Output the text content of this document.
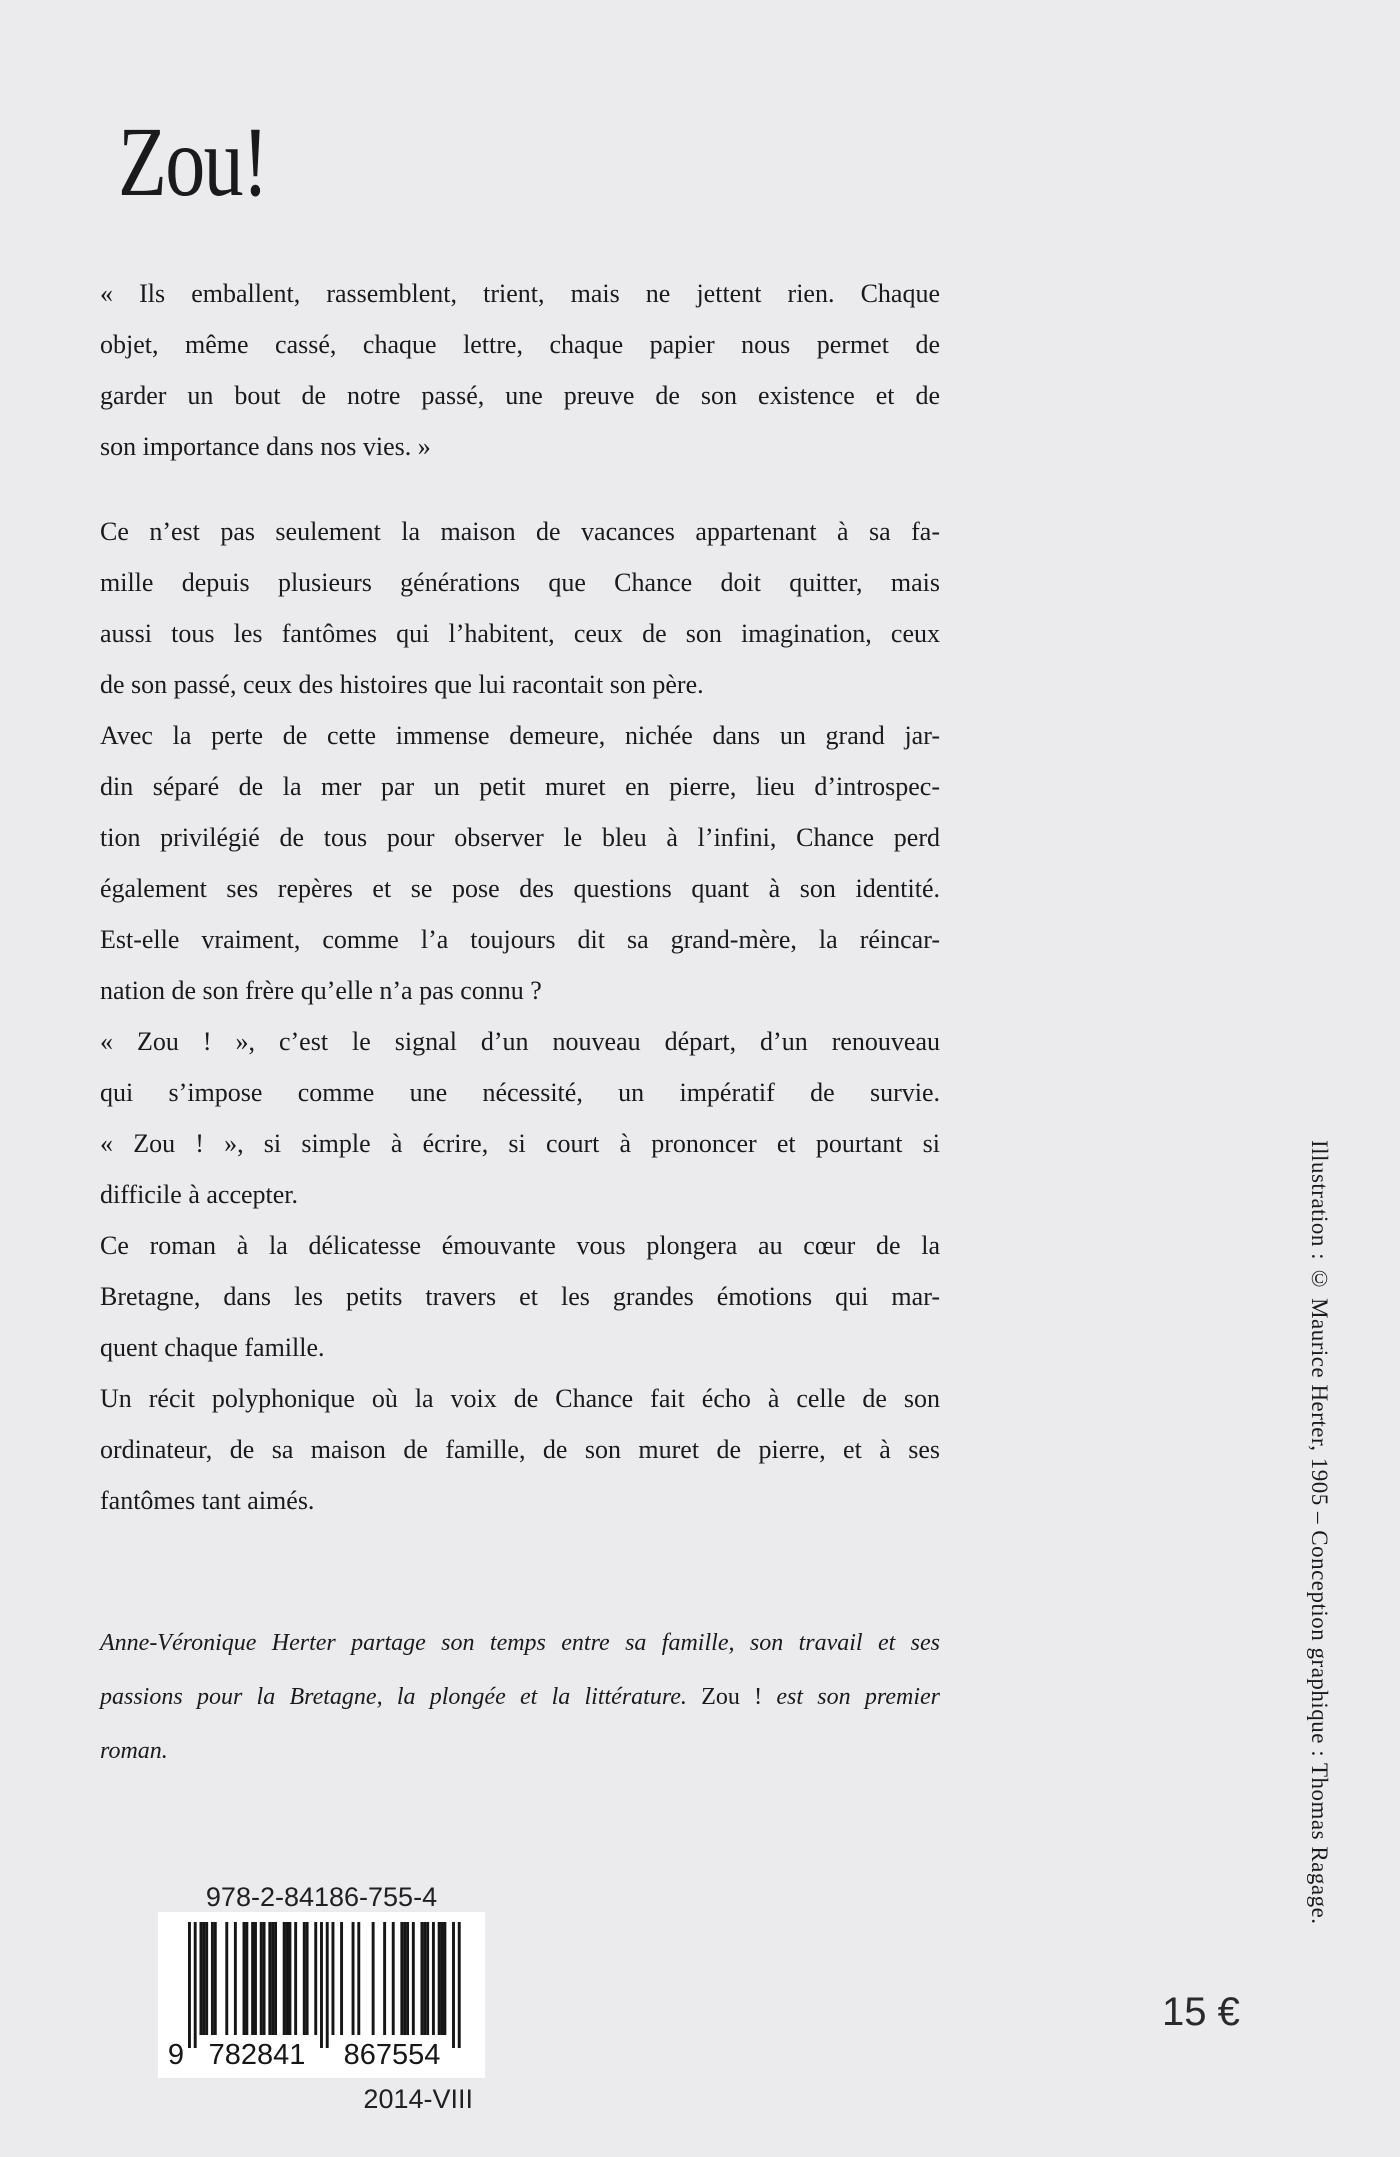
Zou!
« Ils emballent, rassemblent, trient, mais ne jettent rien. Chaque
objet, même cassé, chaque lettre, chaque papier nous permet de
garder un bout de notre passé, une preuve de son existence et de
son importance dans nos vies. »
Ce n’est pas seulement la maison de vacances appartenant à sa fa-
mille depuis plusieurs générations que Chance doit quitter, mais
aussi tous les fantômes qui l’habitent, ceux de son imagination, ceux
de son passé, ceux des histoires que lui racontait son père.
Avec la perte de cette immense demeure, nichée dans un grand jar-
din séparé de la mer par un petit muret en pierre, lieu d’introspec-
tion privilégié de tous pour observer le bleu à l’infini, Chance perd
également ses repères et se pose des questions quant à son identité.
Est-elle vraiment, comme l’a toujours dit sa grand-mère, la réincar-
nation de son frère qu’elle n’a pas connu ?
« Zou ! », c’est le signal d’un nouveau départ, d’un renouveau
qui s’impose comme une nécessité, un impératif de survie.
« Zou ! », si simple à écrire, si court à prononcer et pourtant si
difficile à accepter.
Ce roman à la délicatesse émouvante vous plongera au cœur de la
Bretagne, dans les petits travers et les grandes émotions qui mar-
quent chaque famille.
Un récit polyphonique où la voix de Chance fait écho à celle de son
ordinateur, de sa maison de famille, de son muret de pierre, et à ses
fantômes tant aimés.
Anne-Véronique Herter partage son temps entre sa famille, son travail et ses
passions pour la Bretagne, la plongée et la littérature. Zou ! est son premier
roman.
978-2-84186-755-4
9 782841 867554
2014-VIII
15 €
Illustration : © Maurice Herter, 1905 – Conception graphique : Thomas Ragage.
